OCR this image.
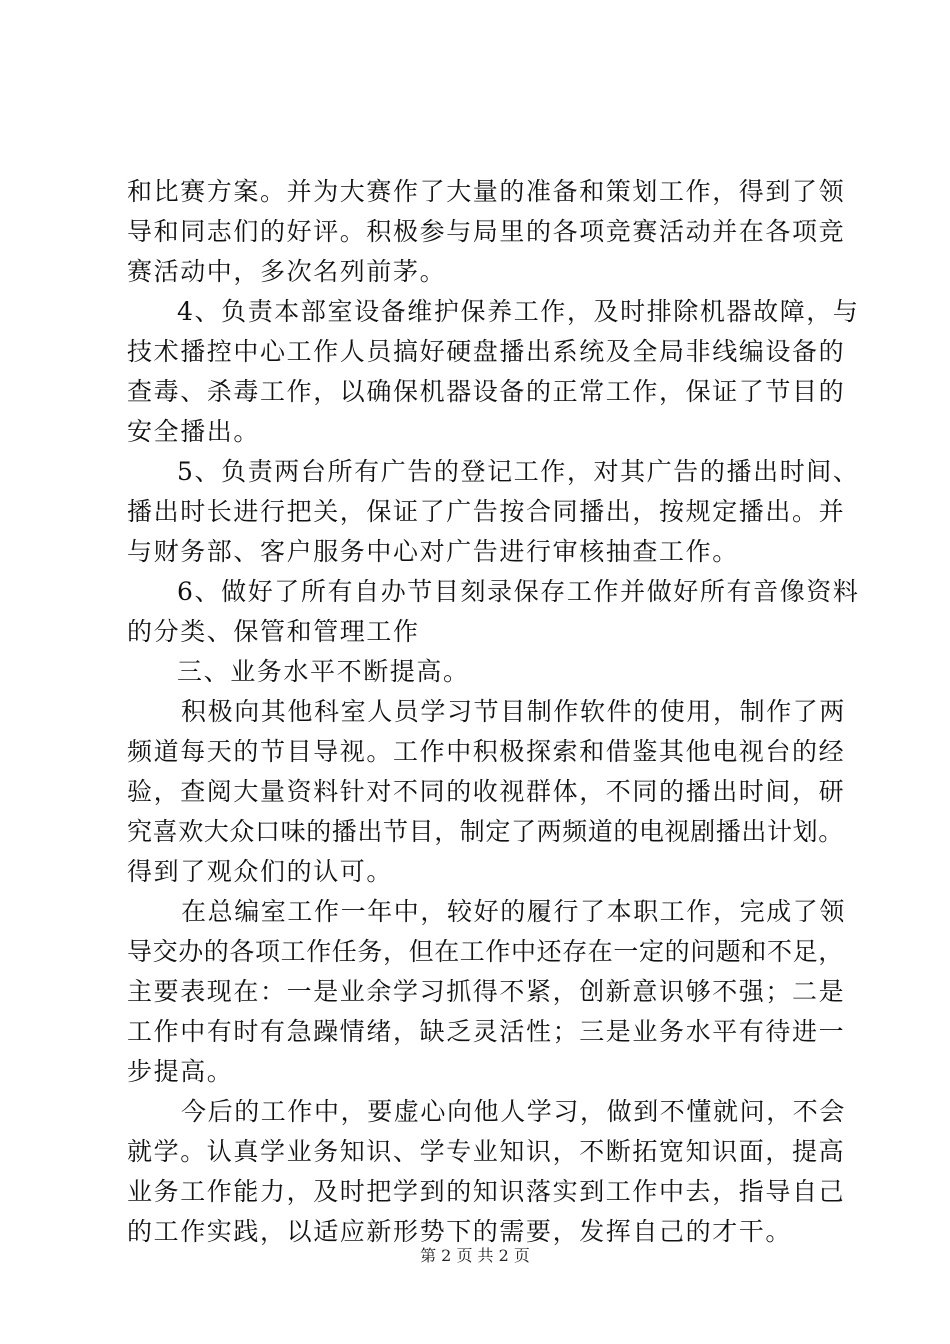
和比赛方案。并为大赛作了大量的准备和策划工作，得到了领
导和同志们的好评。积极参与局里的各项竞赛活动并在各项竞
赛活动中，多次名列前茅。
4、负责本部室设备维护保养工作，及时排除机器故障，与
技术播控中心工作人员搞好硬盘播出系统及全局非线编设备的
查毒、杀毒工作，以确保机器设备的正常工作，保证了节目的
安全播出。
5、负责两台所有广告的登记工作，对其广告的播出时间、
播出时长进行把关，保证了广告按合同播出，按规定播出。并
与财务部、客户服务中心对广告进行审核抽查工作。
6、做好了所有自办节目刻录保存工作并做好所有音像资料
的分类、保管和管理工作
三、业务水平不断提高。
积极向其他科室人员学习节目制作软件的使用，制作了两
频道每天的节目导视。工作中积极探索和借鉴其他电视台的经
验，查阅大量资料针对不同的收视群体，不同的播出时间，研
究喜欢大众口味的播出节目，制定了两频道的电视剧播出计划。
得到了观众们的认可。
在总编室工作一年中，较好的履行了本职工作，完成了领
导交办的各项工作任务，但在工作中还存在一定的问题和不足，
主要表现在：一是业余学习抓得不紧，创新意识够不强；二是
工作中有时有急躁情绪，缺乏灵活性；三是业务水平有待进一
步提高。
今后的工作中，要虚心向他人学习，做到不懂就问，不会
就学。认真学业务知识、学专业知识，不断拓宽知识面，提高
业务工作能力，及时把学到的知识落实到工作中去，指导自己
的工作实践，以适应新形势下的需要，发挥自己的才干。
第 2 页 共 2 页
